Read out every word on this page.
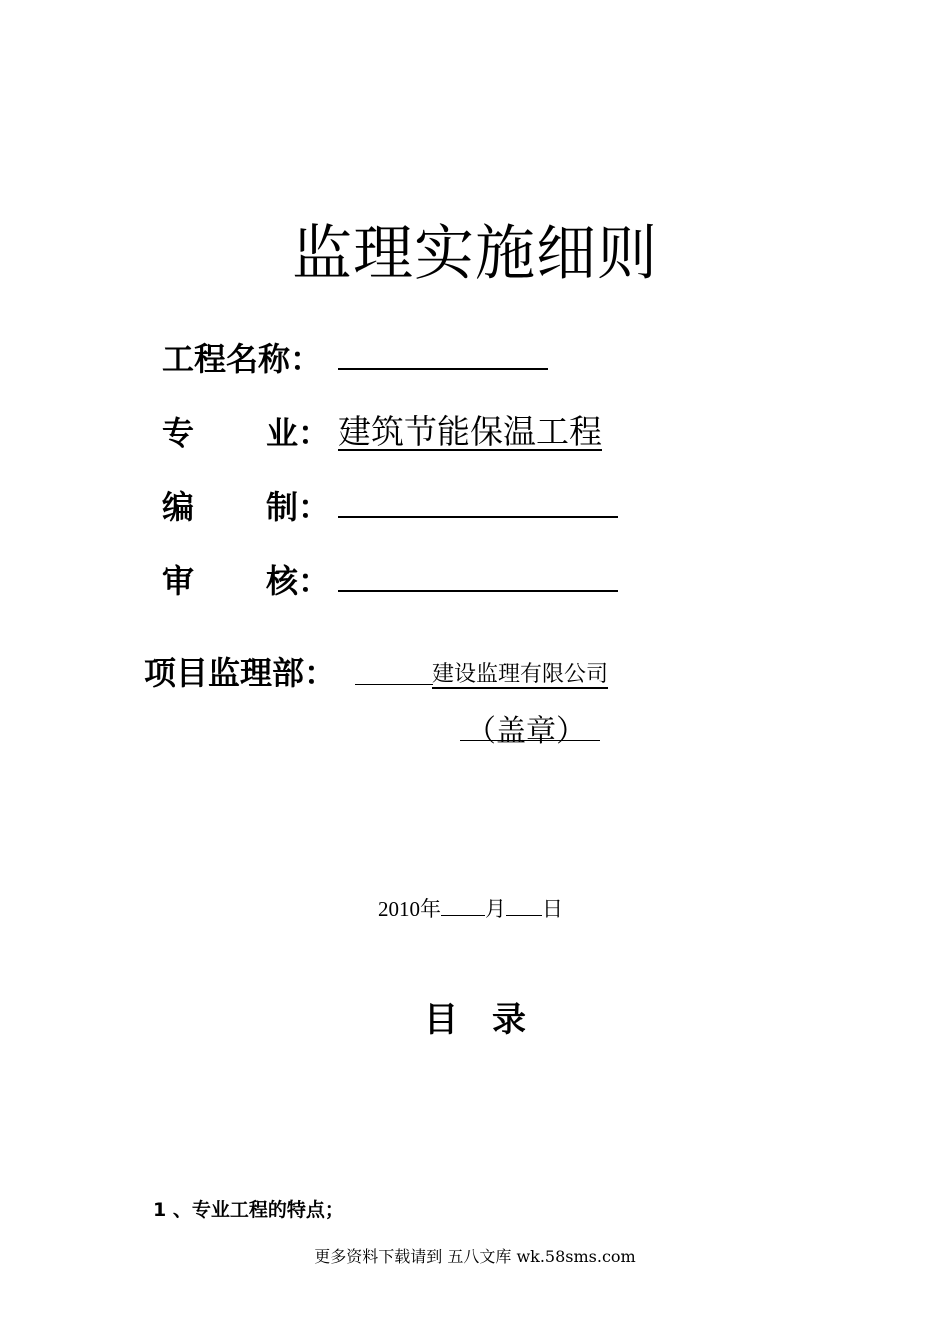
监理实施细则
工程名称：
专 业： 建筑节能保温工程
编 制：
审 核：
项目监理部：	建设监理有限公司
（盖章）
2010年 月 日
目　录
1 、专业工程的特点；
更多资料下载请到 五八文库 wk.58sms.com
